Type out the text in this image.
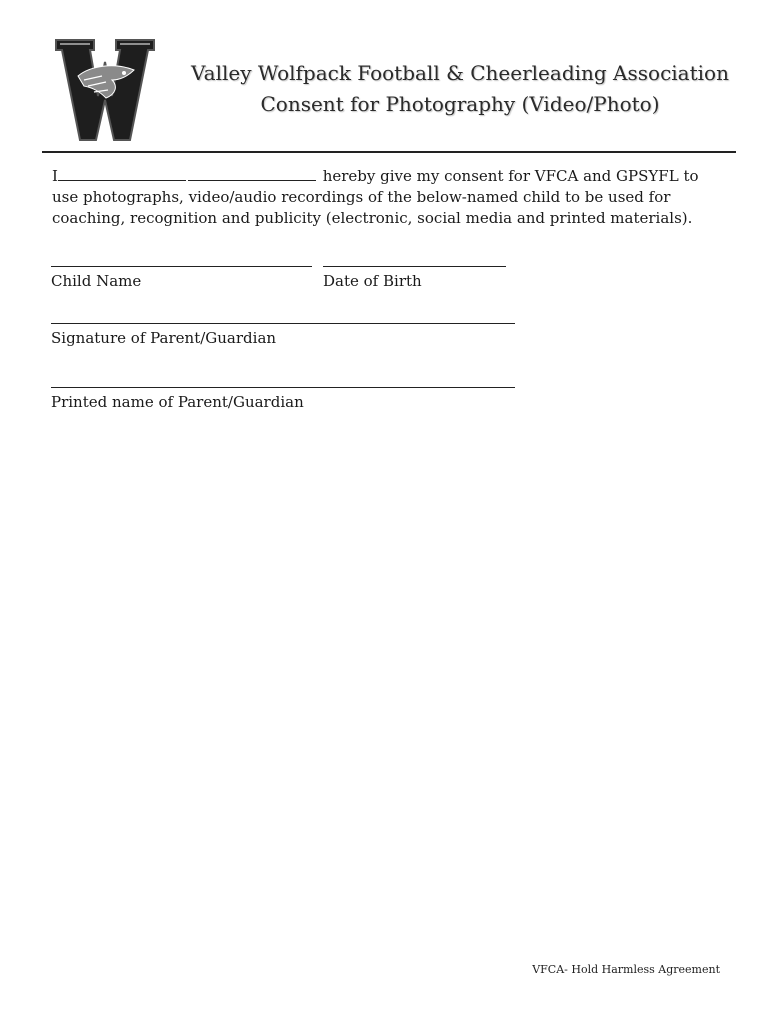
Valley Wolfpack Football & Cheerleading Association
Consent for Photography (Video/Photo)
I	hereby give my consent for VFCA and GPSYFL to use photographs, video/audio recordings of the below-named child to be used for coaching, recognition and publicity (electronic, social media and printed materials).
Child Name	Date of Birth
Signature of Parent/Guardian
Printed name of Parent/Guardian
VFCA- Hold Harmless Agreement
